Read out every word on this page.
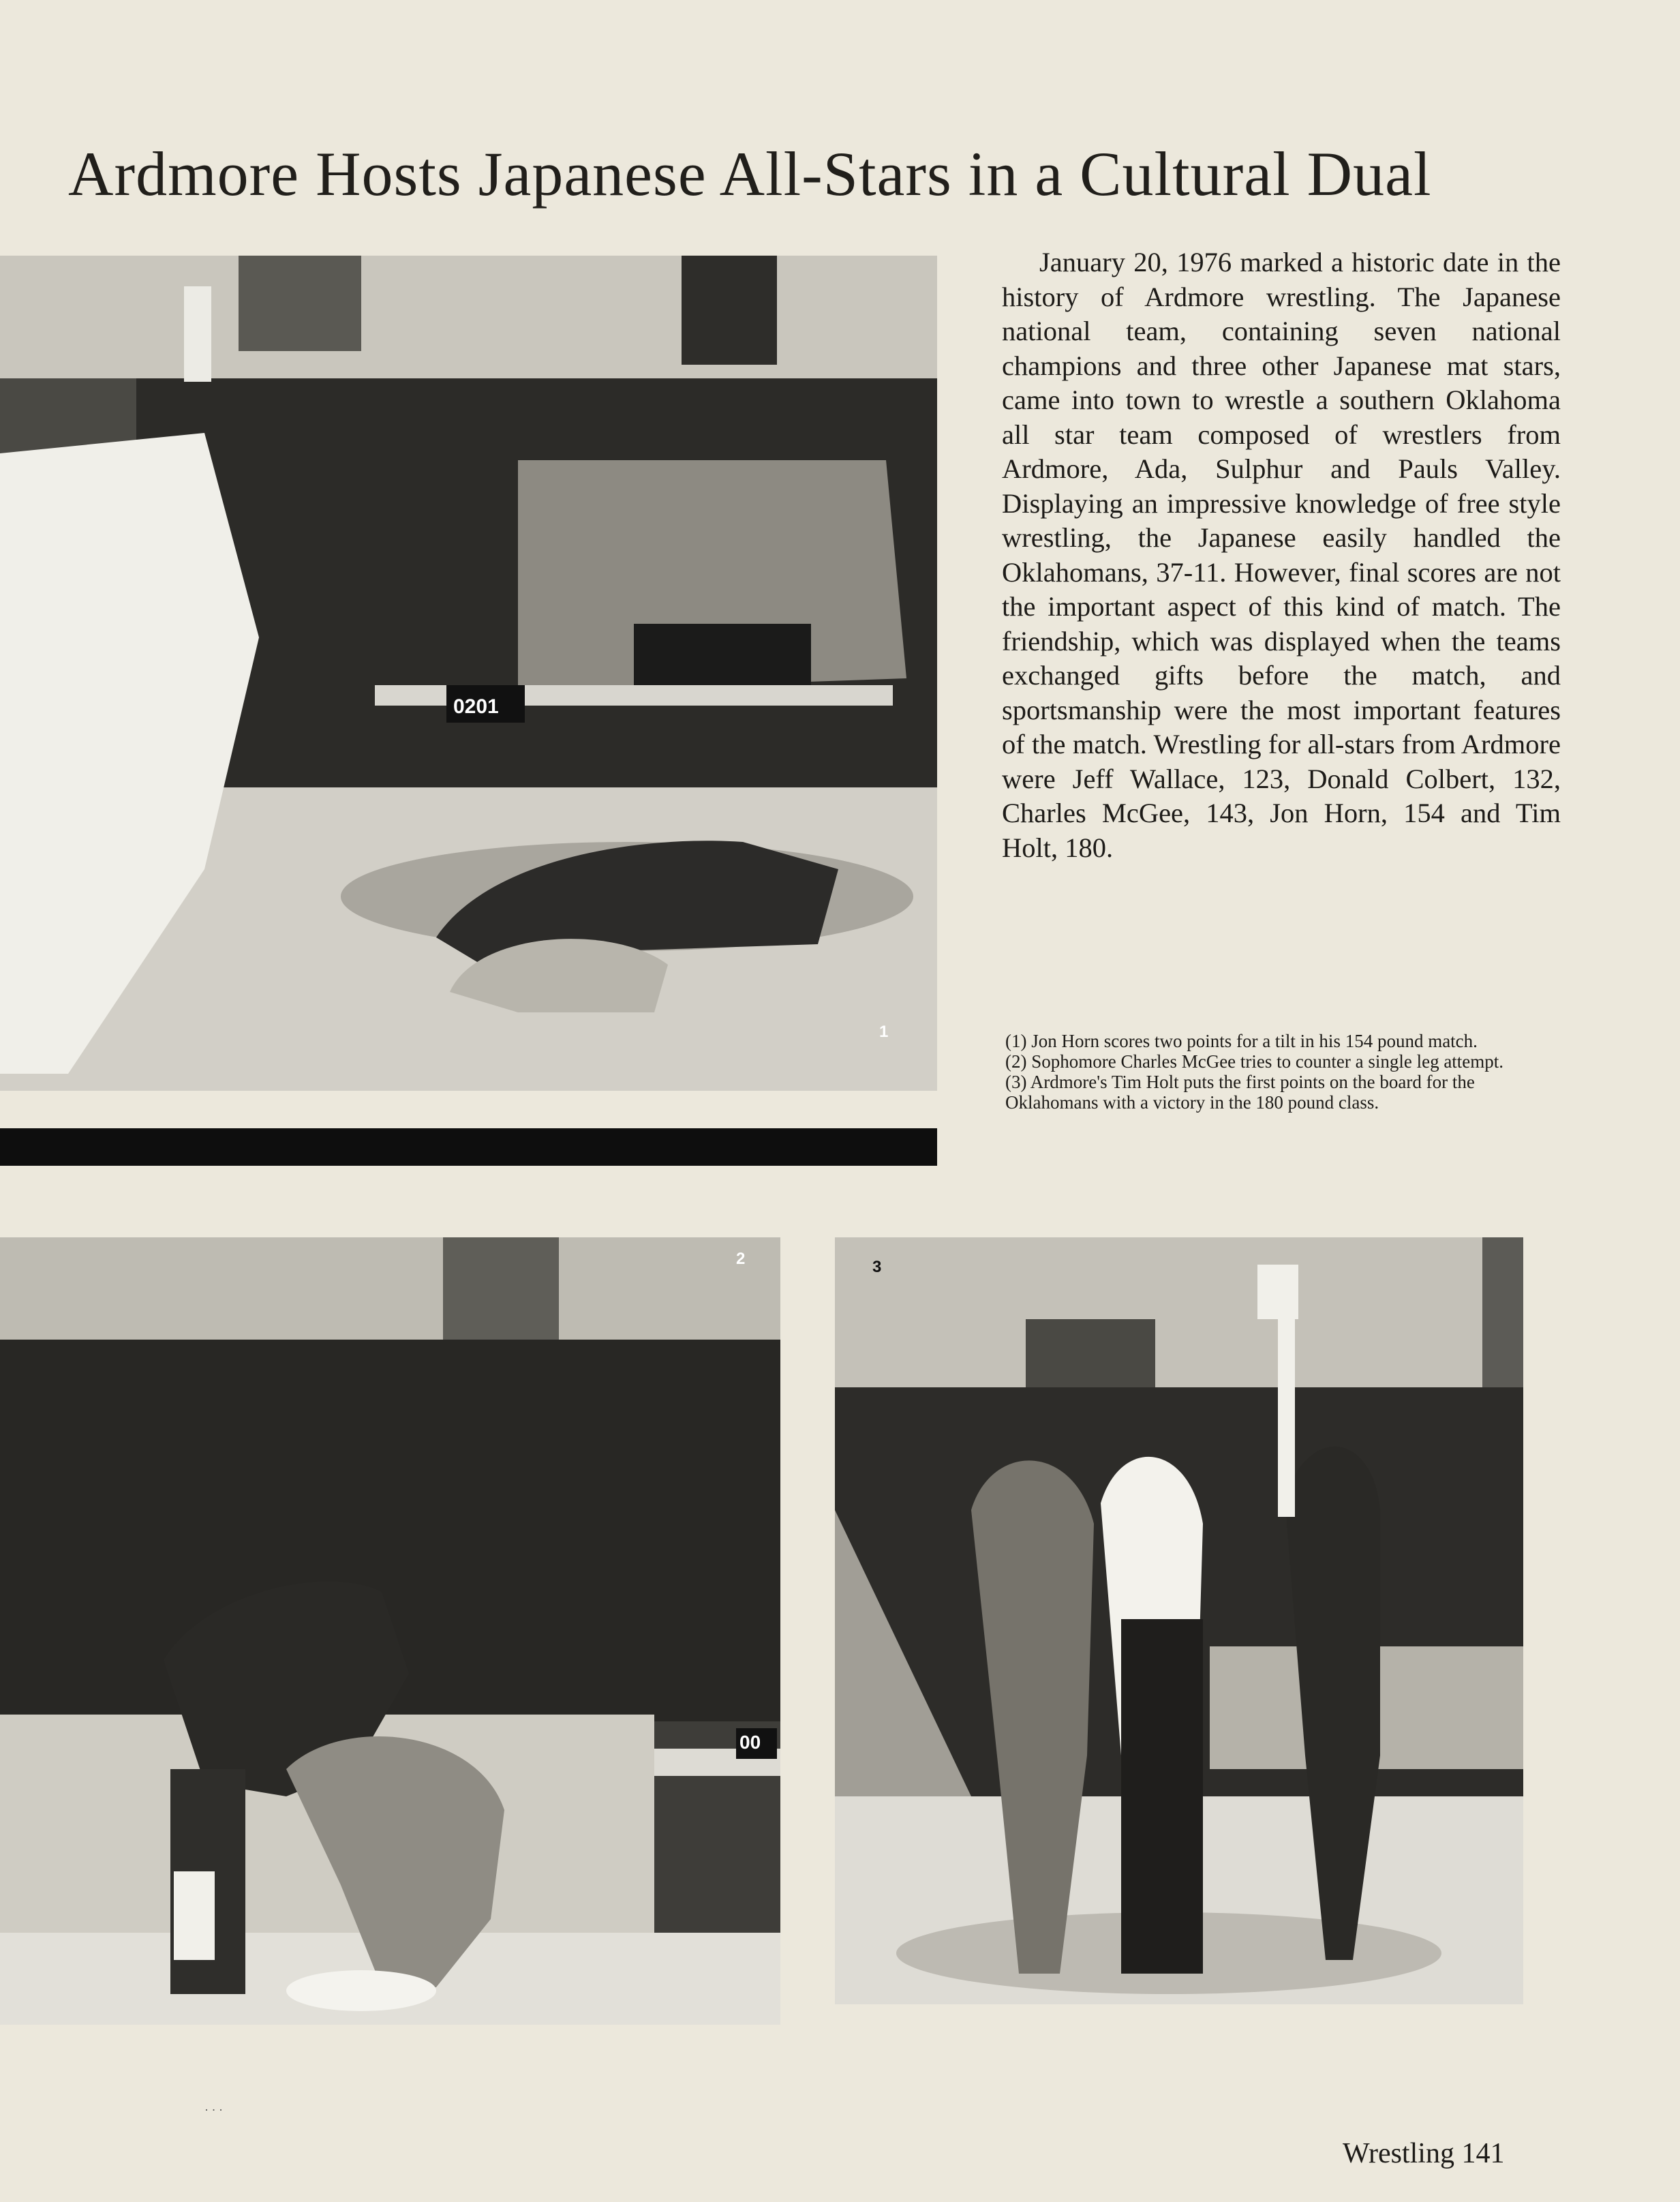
Ardmore Hosts Japanese All-Stars in a Cultural Dual
1
0201

January 20, 1976 marked a historic date in the history of Ardmore wrestling. The Japanese national team, containing seven national champions and three other Japanese mat stars, came into town to wrestle a southern Oklahoma all star team composed of wrestlers from Ardmore, Ada, Sulphur and Pauls Valley. Displaying an impressive knowledge of free style wrestling, the Japanese easily handled the Oklahomans, 37-11. However, final scores are not the important aspect of this kind of match. The friendship, which was displayed when the teams exchanged gifts before the match, and sportsmanship were the most important features of the match. Wrestling for all-stars from Ardmore were Jeff Wallace, 123, Donald Colbert, 132, Charles McGee, 143, Jon Horn, 154 and Tim Holt, 180.

(1) Jon Horn scores two points for a tilt in his 154 pound match.

(2) Sophomore Charles McGee tries to counter a single leg attempt.

(3) Ardmore's Tim Holt puts the first points on the board for the Oklahomans with a victory in the 180 pound class.

2
00
3
· · ·
Wrestling 141
